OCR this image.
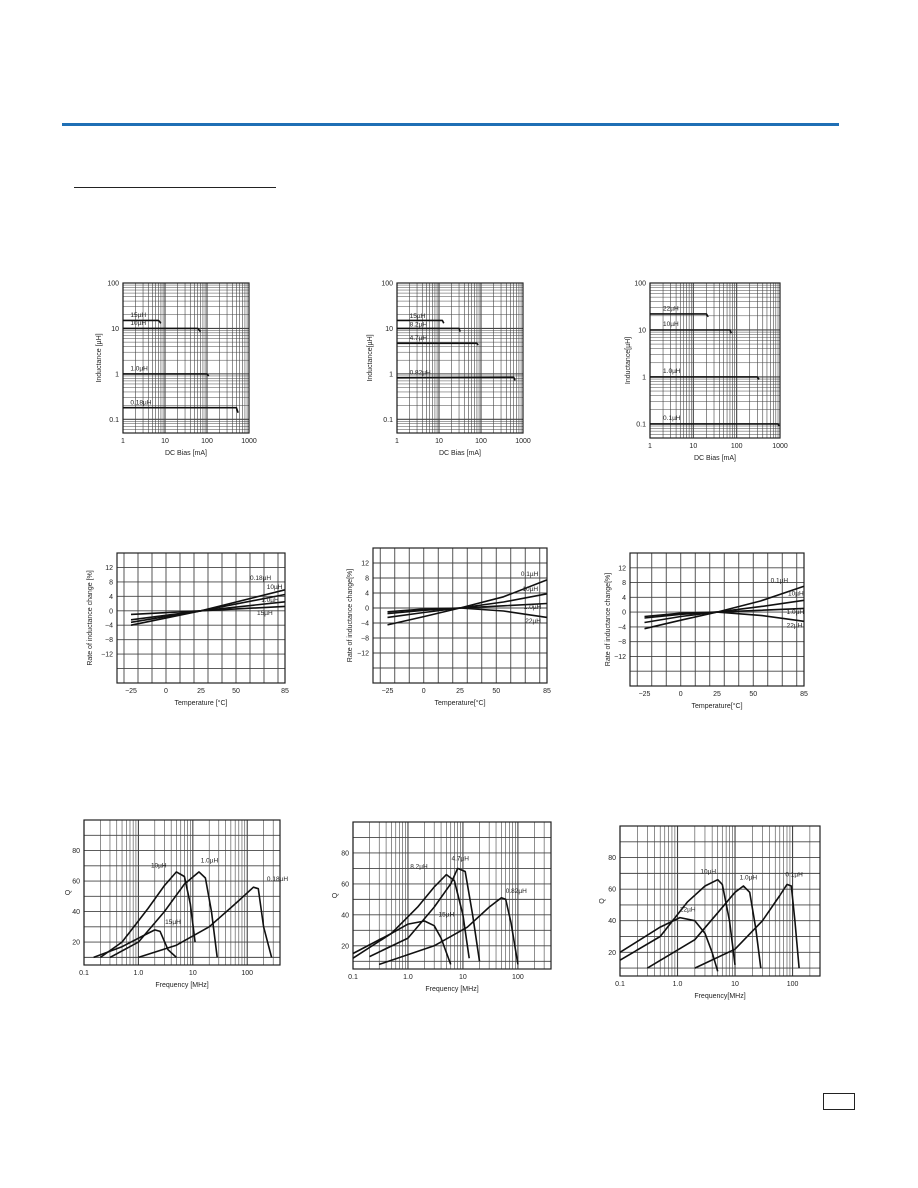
1	10	100	1000
0.1
1
10
100
DC Bias [mA]
Inductance [µH]
15µH
10µH
1.0µH
0.18µH
1	10	100	1000
0.1
1
10
100
DC Bias [mA]
Inductance[µH]
15µH
8.2µH
4.7µH
0.82µH
1	10	100	1000
0.1
1
10
100
DC Bias [mA]
Inductance[µH]
22µH
10µH
1.0µH
0.1µH
−25	0	25	50	85
12
8
4
0
−4
−8
−12
Temperature [°C]
Rate of inductance change [%]	0.18µH
10µH
1.0µH
15µH
−25	0	25	50	85
12
8
4
0
−4
−8
−12
Temperature[°C]
Rate of inductance change[%]	0.1µH
10µH
1.0µH
22µH
−25	0	25	50	85
12
8
4
0
−4
−8
−12
Temperature[°C]
Rate of inductance change[%]	0.1µH
10µH
1.0µH
22µH
0.1	1.0	10	100
20
40
60
80
Frequency [MHz]
Q
10µH
1.0µH
0.18µH
15µH
0.1	1.0	10	100
20
40
60
80
Frequency [MHz]
Q
8.2µH
4.7µH
0.82µH
15µH
0.1	1.0	10	100
20
40
60
80
Frequency[MHz]
Q
10µH
1.0µH	0.1µH
22µH
